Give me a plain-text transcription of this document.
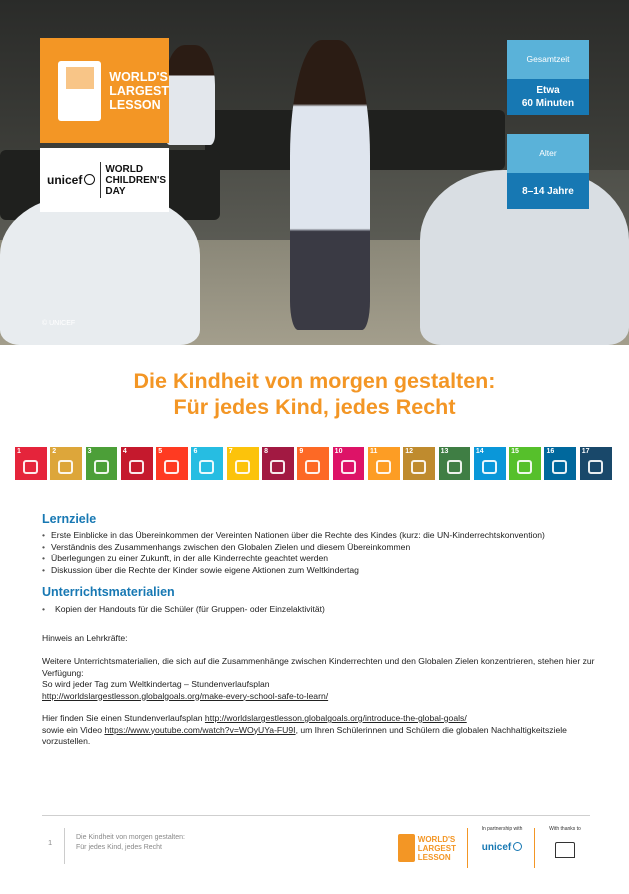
© UNICEF
WORLD'S
LARGEST
LESSON
unicef
WORLD
CHILDREN'S
DAY
Gesamtzeit
Etwa
60 Minuten
Alter
8–14 Jahre
Die Kindheit von morgen gestalten:
Für jedes Kind, jedes Recht
1	2	3	4	5	6	7	8	9	10	11	12	13	14	15	16	17
Lernziele
• Erste Einblicke in das Übereinkommen der Vereinten Nationen über die Rechte des Kindes (kurz: die UN-Kinderrechtskonvention)
• Verständnis des Zusammenhangs zwischen den Globalen Zielen und diesem Übereinkommen
• Überlegungen zu einer Zukunft, in der alle Kinderrechte geachtet werden
• Diskussion über die Rechte der Kinder sowie eigene Aktionen zum Weltkindertag
Unterrichtsmaterialien
• Kopien der Handouts für die Schüler (für Gruppen- oder Einzelaktivität)

Hinweis an Lehrkräfte:

Weitere Unterrichtsmaterialien, die sich auf die Zusammenhänge zwischen Kinderrechten und den Globalen Zielen konzentrieren, stehen hier zur Verfügung:

So wird jeder Tag zum Weltkindertag – Stundenverlaufsplan

http://worldslargestlesson.globalgoals.org/make-every-school-safe-to-learn/

Hier finden Sie einen Stundenverlaufsplan http://worldslargestlesson.globalgoals.org/introduce-the-global-goals/
sowie ein Video https://www.youtube.com/watch?v=WOyUYa-FU9I, um Ihren Schülerinnen und Schülern die globalen Nachhaltigkeitsziele vorzustellen.

1
Die Kindheit von morgen gestalten:
Für jedes Kind, jedes Recht
WORLD'S
LARGEST
LESSON
In partnership with
unicef
With thanks to
